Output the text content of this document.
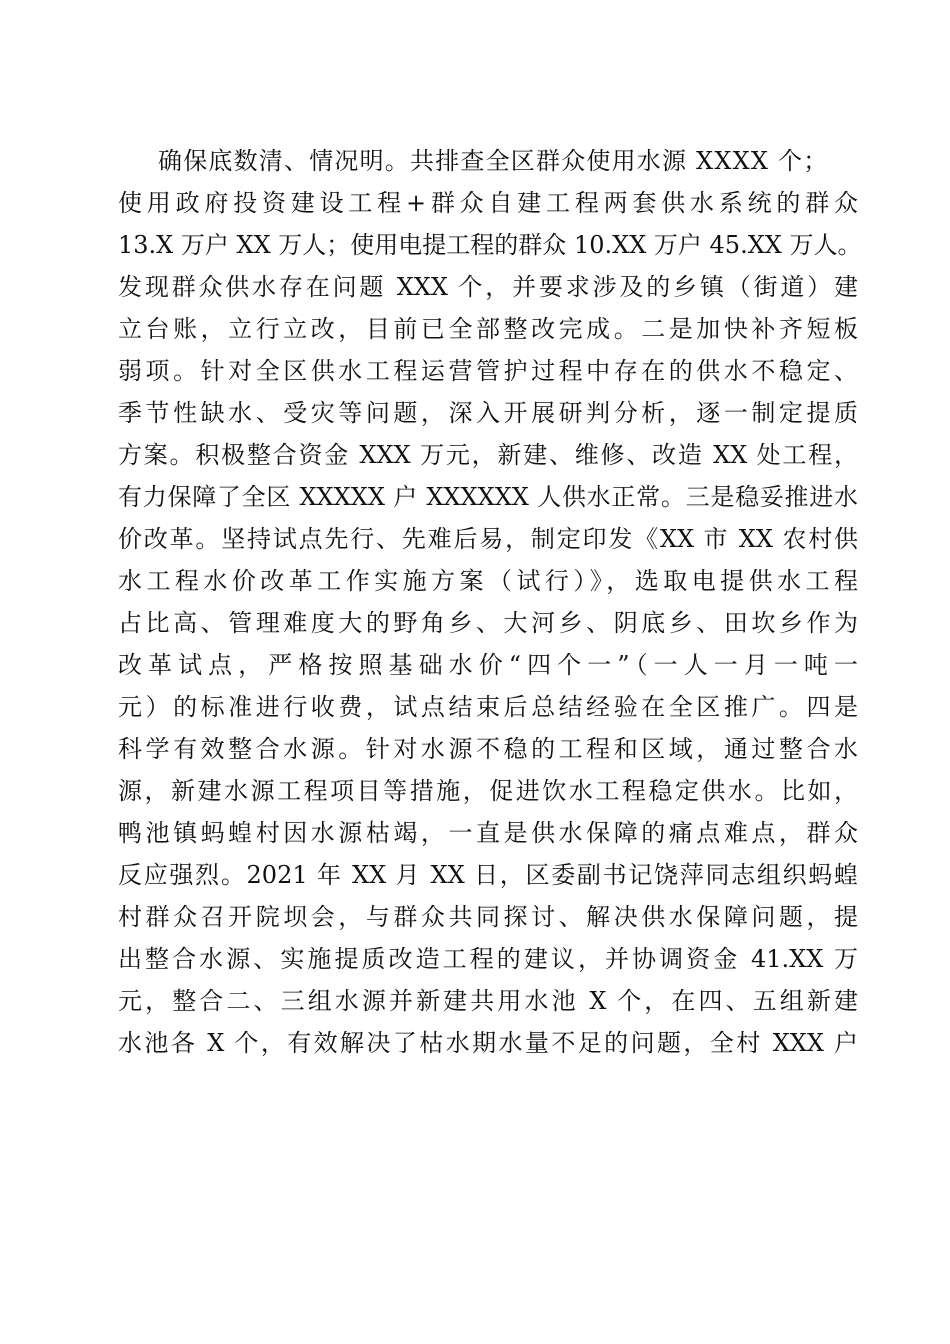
确保底数清、情况明。共排查全区群众使用水源 XXXX 个；
使用政府投资建设工程+群众自建工程两套供水系统的群众
13.X 万户 XX 万人；使用电提工程的群众 10.XX 万户 45.XX 万人。
发现群众供水存在问题 XXX 个，并要求涉及的乡镇（街道）建
立台账，立行立改，目前已全部整改完成。二是加快补齐短板
弱项。针对全区供水工程运营管护过程中存在的供水不稳定、
季节性缺水、受灾等问题，深入开展研判分析，逐一制定提质
方案。积极整合资金 XXX 万元，新建、维修、改造 XX 处工程，
有力保障了全区 XXXXX 户 XXXXXX 人供水正常。三是稳妥推进水
价改革。坚持试点先行、先难后易，制定印发《XX 市 XX 农村供
水工程水价改革工作实施方案（试行）》，选取电提供水工程
占比高、管理难度大的野角乡、大河乡、阴底乡、田坎乡作为
改革试点，严格按照基础水价“四个一”（一人一月一吨一
元）的标准进行收费，试点结束后总结经验在全区推广。四是
科学有效整合水源。针对水源不稳的工程和区域，通过整合水
源，新建水源工程项目等措施，促进饮水工程稳定供水。比如，
鸭池镇蚂蝗村因水源枯竭，一直是供水保障的痛点难点，群众
反应强烈。2021 年 XX 月 XX 日，区委副书记饶萍同志组织蚂蝗
村群众召开院坝会，与群众共同探讨、解决供水保障问题，提
出整合水源、实施提质改造工程的建议，并协调资金 41.XX 万
元，整合二、三组水源并新建共用水池 X 个，在四、五组新建
水池各 X 个，有效解决了枯水期水量不足的问题，全村 XXX 户
